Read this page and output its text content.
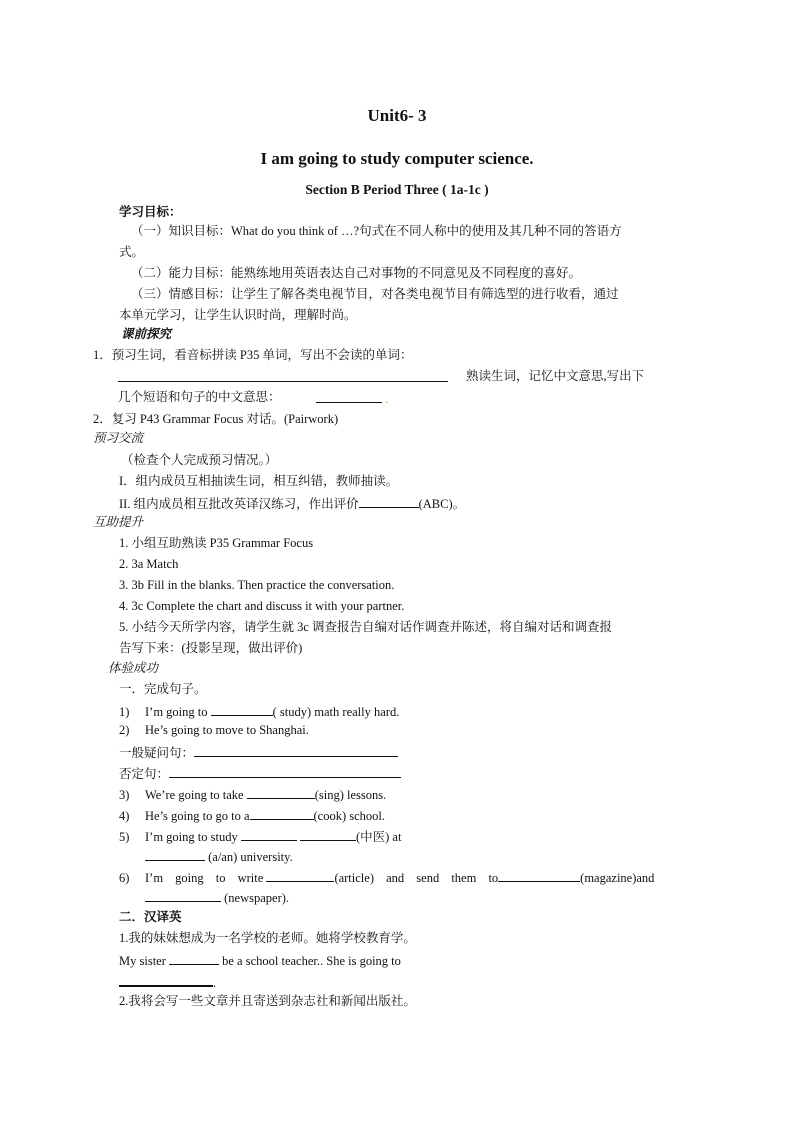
Unit6- 3
I am going to study computer science.
Section B Period Three ( 1a-1c )
学习目标：
（一）知识目标：What do you think of …?句式在不同人称中的使用及其几种不同的答语方
式。
（二）能力目标：能熟练地用英语表达自己对事物的不同意见及不同程度的喜好。
（三）情感目标：让学生了解各类电视节目，对各类电视节目有筛选型的进行收看，通过
本单元学习，让学生认识时尚，理解时尚。
课前探究
1．预习生词，看音标拼读 P35 单词，写出不会读的单词：
熟读生词，记忆中文意思,写出下
几个短语和句子的中文意思：	.
2．复习 P43 Grammar Focus 对话。(Pairwork)
预习交流
（检查个人完成预习情况。）
I．组内成员互相抽读生词，相互纠错，教师抽读。
II. 组内成员相互批改英译汉练习，作出评价	(ABC)。
互助提升
1. 小组互助熟读 P35 Grammar Focus
2. 3a Match
3. 3b Fill in the blanks. Then practice the conversation.
4. 3c Complete the chart and discuss it with your partner.
5. 小结今天所学内容，请学生就 3c 调查报告自编对话作调查并陈述，将自编对话和调查报
告写下来：(投影呈现，做出评价)
体验成功
一．完成句子。
1) I’m going to	( study) math really hard.
2) He’s going to move to Shanghai.
一般疑问句：
否定句：
3) We’re going to take	(sing) lessons.
4) He’s going to go to a	(cook) school.
5) I’m going to study	(中医) at
(a/an) university.
6) I’m going to write	(article) and send them to	(magazine)and
(newspaper).
二．汉译英
1.我的妹妹想成为一名学校的老师。她将学校教育学。
My sister	be a school teacher.. She is going to
.
2.我将会写一些文章并且寄送到杂志社和新闻出版社。
